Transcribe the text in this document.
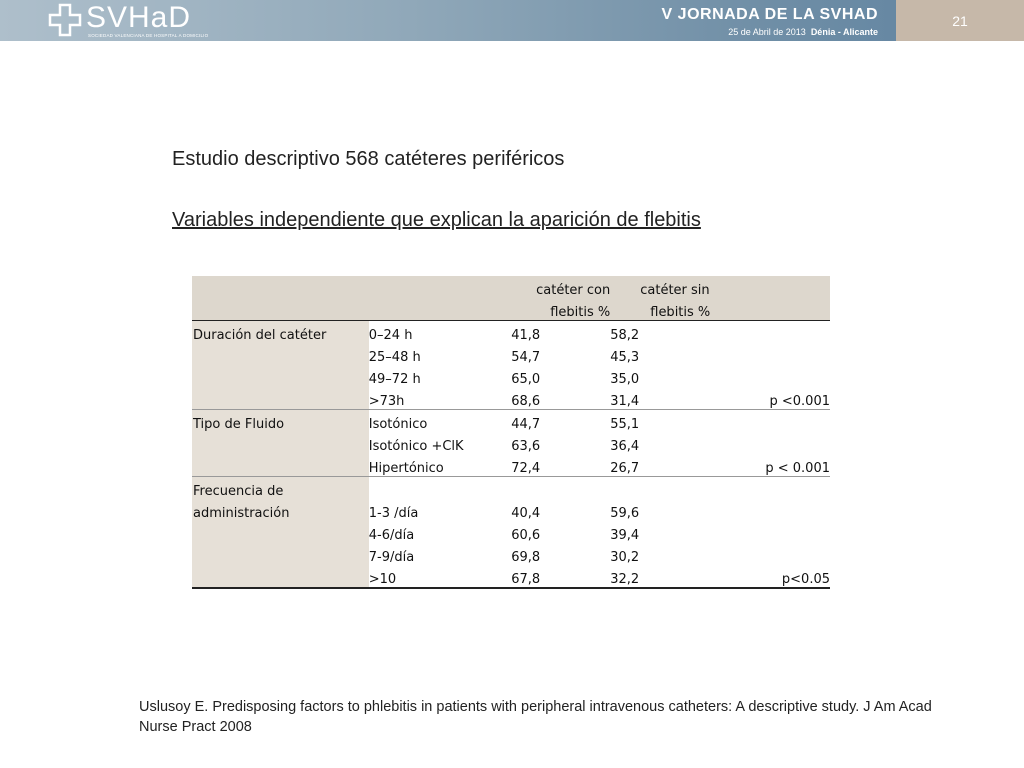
SVHaD
SOCIEDAD VALENCIANA DE HOSPITAL A DOMICILIO
V JORNADA DE LA SVHAD
25 de Abril de 2013 Dénia - Alicante
21
Estudio descriptivo 568 catéteres periféricos
Variables independiente que explican la aparición de flebitis
		catéter con	catéter sin	
		flebitis %	flebitis %	
Duración del catéter	0–24 h	41,8	58,2	
	25–48 h	54,7	45,3	
	49–72 h	65,0	35,0	
	>73h	68,6	31,4	p <0.001
Tipo de Fluido	Isotónico	44,7	55,1	
	Isotónico +ClK	63,6	36,4	
	Hipertónico	72,4	26,7	p < 0.001
Frecuencia de				
administración	1-3 /día	40,4	59,6	
	4-6/día	60,6	39,4	
	7-9/día	69,8	30,2	
	>10	67,8	32,2	p<0.05
Uslusoy E. Predisposing factors to phlebitis in patients with peripheral intravenous catheters: A descriptive study. J Am Acad Nurse Pract 2008
